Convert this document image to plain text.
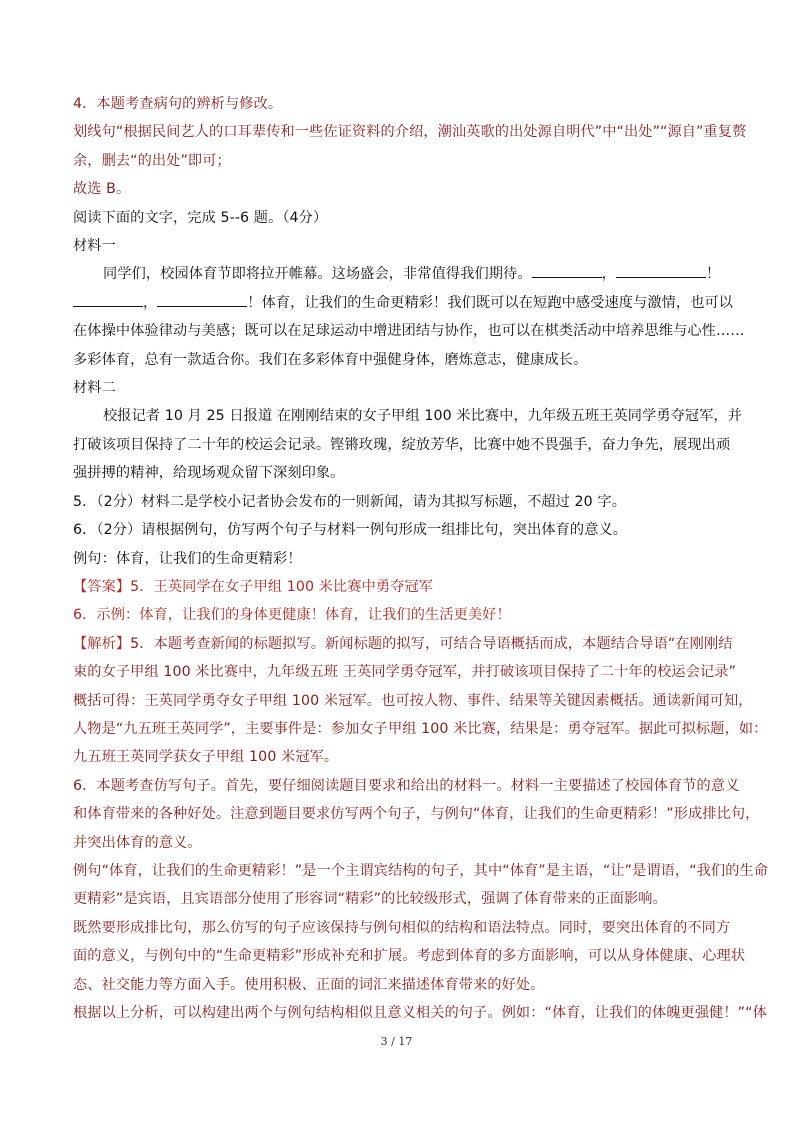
4．本题考查病句的辨析与修改。
划线句“根据民间艺人的口耳辈传和一些佐证资料的介绍，潮汕英歌的出处源自明代”中“出处”“源自”重复赘
余，删去“的出处”即可；
故选 B。
阅读下面的文字，完成 5--6 题。（4分）
材料一
同学们，校园体育节即将拉开帷幕。这场盛会，非常值得我们期待。	，	！
，	！体育，让我们的生命更精彩！我们既可以在短跑中感受速度与激情，也可以
在体操中体验律动与美感；既可以在足球运动中增进团结与协作，也可以在棋类活动中培养思维与心性……
多彩体育，总有一款适合你。我们在多彩体育中强健身体，磨炼意志，健康成长。
材料二
校报记者 10 月 25 日报道 在刚刚结束的女子甲组 100 米比赛中，九年级五班王英同学勇夺冠军，并
打破该项目保持了二十年的校运会记录。铿锵玫瑰，绽放芳华，比赛中她不畏强手，奋力争先，展现出顽
强拼搏的精神，给现场观众留下深刻印象。
5．（2分）材料二是学校小记者协会发布的一则新闻，请为其拟写标题，不超过 20 字。
6．（2分）请根据例句，仿写两个句子与材料一例句形成一组排比句，突出体育的意义。
例句：体育，让我们的生命更精彩！
【答案】5．王英同学在女子甲组 100 米比赛中勇夺冠军
6．示例：体育，让我们的身体更健康！体育，让我们的生活更美好！
【解析】5．本题考查新闻的标题拟写。新闻标题的拟写，可结合导语概括而成，本题结合导语“在刚刚结
束的女子甲组 100 米比赛中，九年级五班 王英同学勇夺冠军，并打破该项目保持了二十年的校运会记录”
概括可得：王英同学勇夺女子甲组 100 米冠军。也可按人物、事件、结果等关键因素概括。通读新闻可知，
人物是“九五班王英同学”，主要事件是：参加女子甲组 100 米比赛，结果是：勇夺冠军。据此可拟标题，如：
九五班王英同学获女子甲组 100 米冠军。
6．本题考查仿写句子。首先，要仔细阅读题目要求和给出的材料一。材料一主要描述了校园体育节的意义
和体育带来的各种好处。注意到题目要求仿写两个句子，与例句“体育，让我们的生命更精彩！”形成排比句，
并突出体育的意义。
例句“体育，让我们的生命更精彩！”是一个主谓宾结构的句子，其中“体育”是主语，“让”是谓语，“我们的生命
更精彩”是宾语，且宾语部分使用了形容词“精彩”的比较级形式，强调了体育带来的正面影响。
既然要形成排比句，那么仿写的句子应该保持与例句相似的结构和语法特点。同时，要突出体育的不同方
面的意义，与例句中的“生命更精彩”形成补充和扩展。考虑到体育的多方面影响，可以从身体健康、心理状
态、社交能力等方面入手。使用积极、正面的词汇来描述体育带来的好处。
根据以上分析，可以构建出两个与例句结构相似且意义相关的句子。例如：“体育，让我们的体魄更强健！”“体
3 / 17
